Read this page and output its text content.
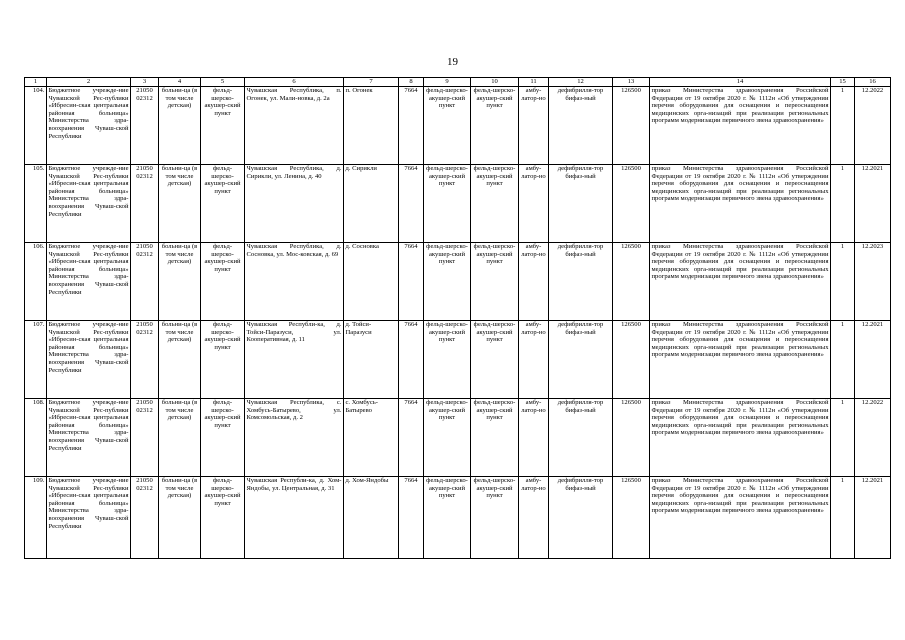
19
1	2	3	4	5	6	7	8	9	10	11	12	13	14	15	16
104.	Бюджетное учрежде-ние Чувашской Рес-публики «Ибресин-ская центральная районная больница» Министерства здра-воохранения Чуваш-ской Республики	21050 02312	больни-ца (в том числе детская)	фельд-шерско-акушер-ский пункт	Чувашская Республика, п. Огонек, ул. Мали-новка, д. 2а	п. Огонек	7664	фельд-шерско-акушер-ский пункт	фельд-шерско-акушер-ский пункт	амбу-латор-но	дефибрилля-тор бифаз-ный	126500	приказ Министерства здравоохранения Российской Федерации от 19 октября 2020 г. № 1112н «Об утверждении перечня оборудования для оснащения и переоснащения медицинских орга-низаций при реализации региональных программ модернизации первичного звена здравоохранения»	1	12.2022
105.	Бюджетное учрежде-ние Чувашской Рес-публики «Ибресин-ская центральная районная больница» Министерства здра-воохранения Чуваш-ской Республики	21050 02312	больни-ца (в том числе детская)	фельд-шерско-акушер-ский пункт	Чувашская Республика, д. Сирикли, ул. Ленина, д. 40	д. Сирикли	7664	фельд-шерско-акушер-ский пункт	фельд-шерско-акушер-ский пункт	амбу-латор-но	дефибрилля-тор бифаз-ный	126500	приказ Министерства здравоохранения Российской Федерации от 19 октября 2020 г. № 1112н «Об утверждении перечня оборудования для оснащения и переоснащения медицинских орга-низаций при реализации региональных программ модернизации первичного звена здравоохранения»	1	12.2021
106.	Бюджетное учрежде-ние Чувашской Рес-публики «Ибресин-ская центральная районная больница» Министерства здра-воохранения Чуваш-ской Республики	21050 02312	больни-ца (в том числе детская)	фельд-шерско-акушер-ский пункт	Чувашская Республика, д. Сосновка, ул. Мос-ковская, д. 69	д. Сосновка	7664	фельд-шерско-акушер-ский пункт	фельд-шерско-акушер-ский пункт	амбу-латор-но	дефибрилля-тор бифаз-ный	126500	приказ Министерства здравоохранения Российской Федерации от 19 октября 2020 г. № 1112н «Об утверждении перечня оборудования для оснащения и переоснащения медицинских орга-низаций при реализации региональных программ модернизации первичного звена здравоохранения»	1	12.2023
107.	Бюджетное учрежде-ние Чувашской Рес-публики «Ибресин-ская центральная районная больница» Министерства здра-воохранения Чуваш-ской Республики	21050 02312	больни-ца (в том числе детская)	фельд-шерско-акушер-ский пункт	Чувашская Республи-ка, д. Тойси-Паразуси, ул. Кооперативная, д. 11	д. Тойси-Паразуси	7664	фельд-шерско-акушер-ский пункт	фельд-шерско-акушер-ский пункт	амбу-латор-но	дефибрилля-тор бифаз-ный	126500	приказ Министерства здравоохранения Российской Федерации от 19 октября 2020 г. № 1112н «Об утверждении перечня оборудования для оснащения и переоснащения медицинских орга-низаций при реализации региональных программ модернизации первичного звена здравоохранения»	1	12.2021
108.	Бюджетное учрежде-ние Чувашской Рес-публики «Ибресин-ская центральная районная больница» Министерства здра-воохранения Чуваш-ской Республики	21050 02312	больни-ца (в том числе детская)	фельд-шерско-акушер-ский пункт	Чувашская Республика, с. Хомбусь-Батырево, ул. Комсомольская, д. 2	с. Хомбусь-Батырево	7664	фельд-шерско-акушер-ский пункт	фельд-шерско-акушер-ский пункт	амбу-латор-но	дефибрилля-тор бифаз-ный	126500	приказ Министерства здравоохранения Российской Федерации от 19 октября 2020 г. № 1112н «Об утверждении перечня оборудования для оснащения и переоснащения медицинских орга-низаций при реализации региональных программ модернизации первичного звена здравоохранения»	1	12.2022
109.	Бюджетное учрежде-ние Чувашской Рес-публики «Ибресин-ская центральная районная больница» Министерства здра-воохранения Чуваш-ской Республики	21050 02312	больни-ца (в том числе детская)	фельд-шерско-акушер-ский пункт	Чувашская Республи-ка, д. Хом-Яндобы, ул. Центральная, д. 31	д. Хом-Яндобы	7664	фельд-шерско-акушер-ский пункт	фельд-шерско-акушер-ский пункт	амбу-латор-но	дефибрилля-тор бифаз-ный	126500	приказ Министерства здравоохранения Российской Федерации от 19 октября 2020 г. № 1112н «Об утверждении перечня оборудования для оснащения и переоснащения медицинских орга-низаций при реализации региональных программ модернизации первичного звена здравоохранения»	1	12.2021
